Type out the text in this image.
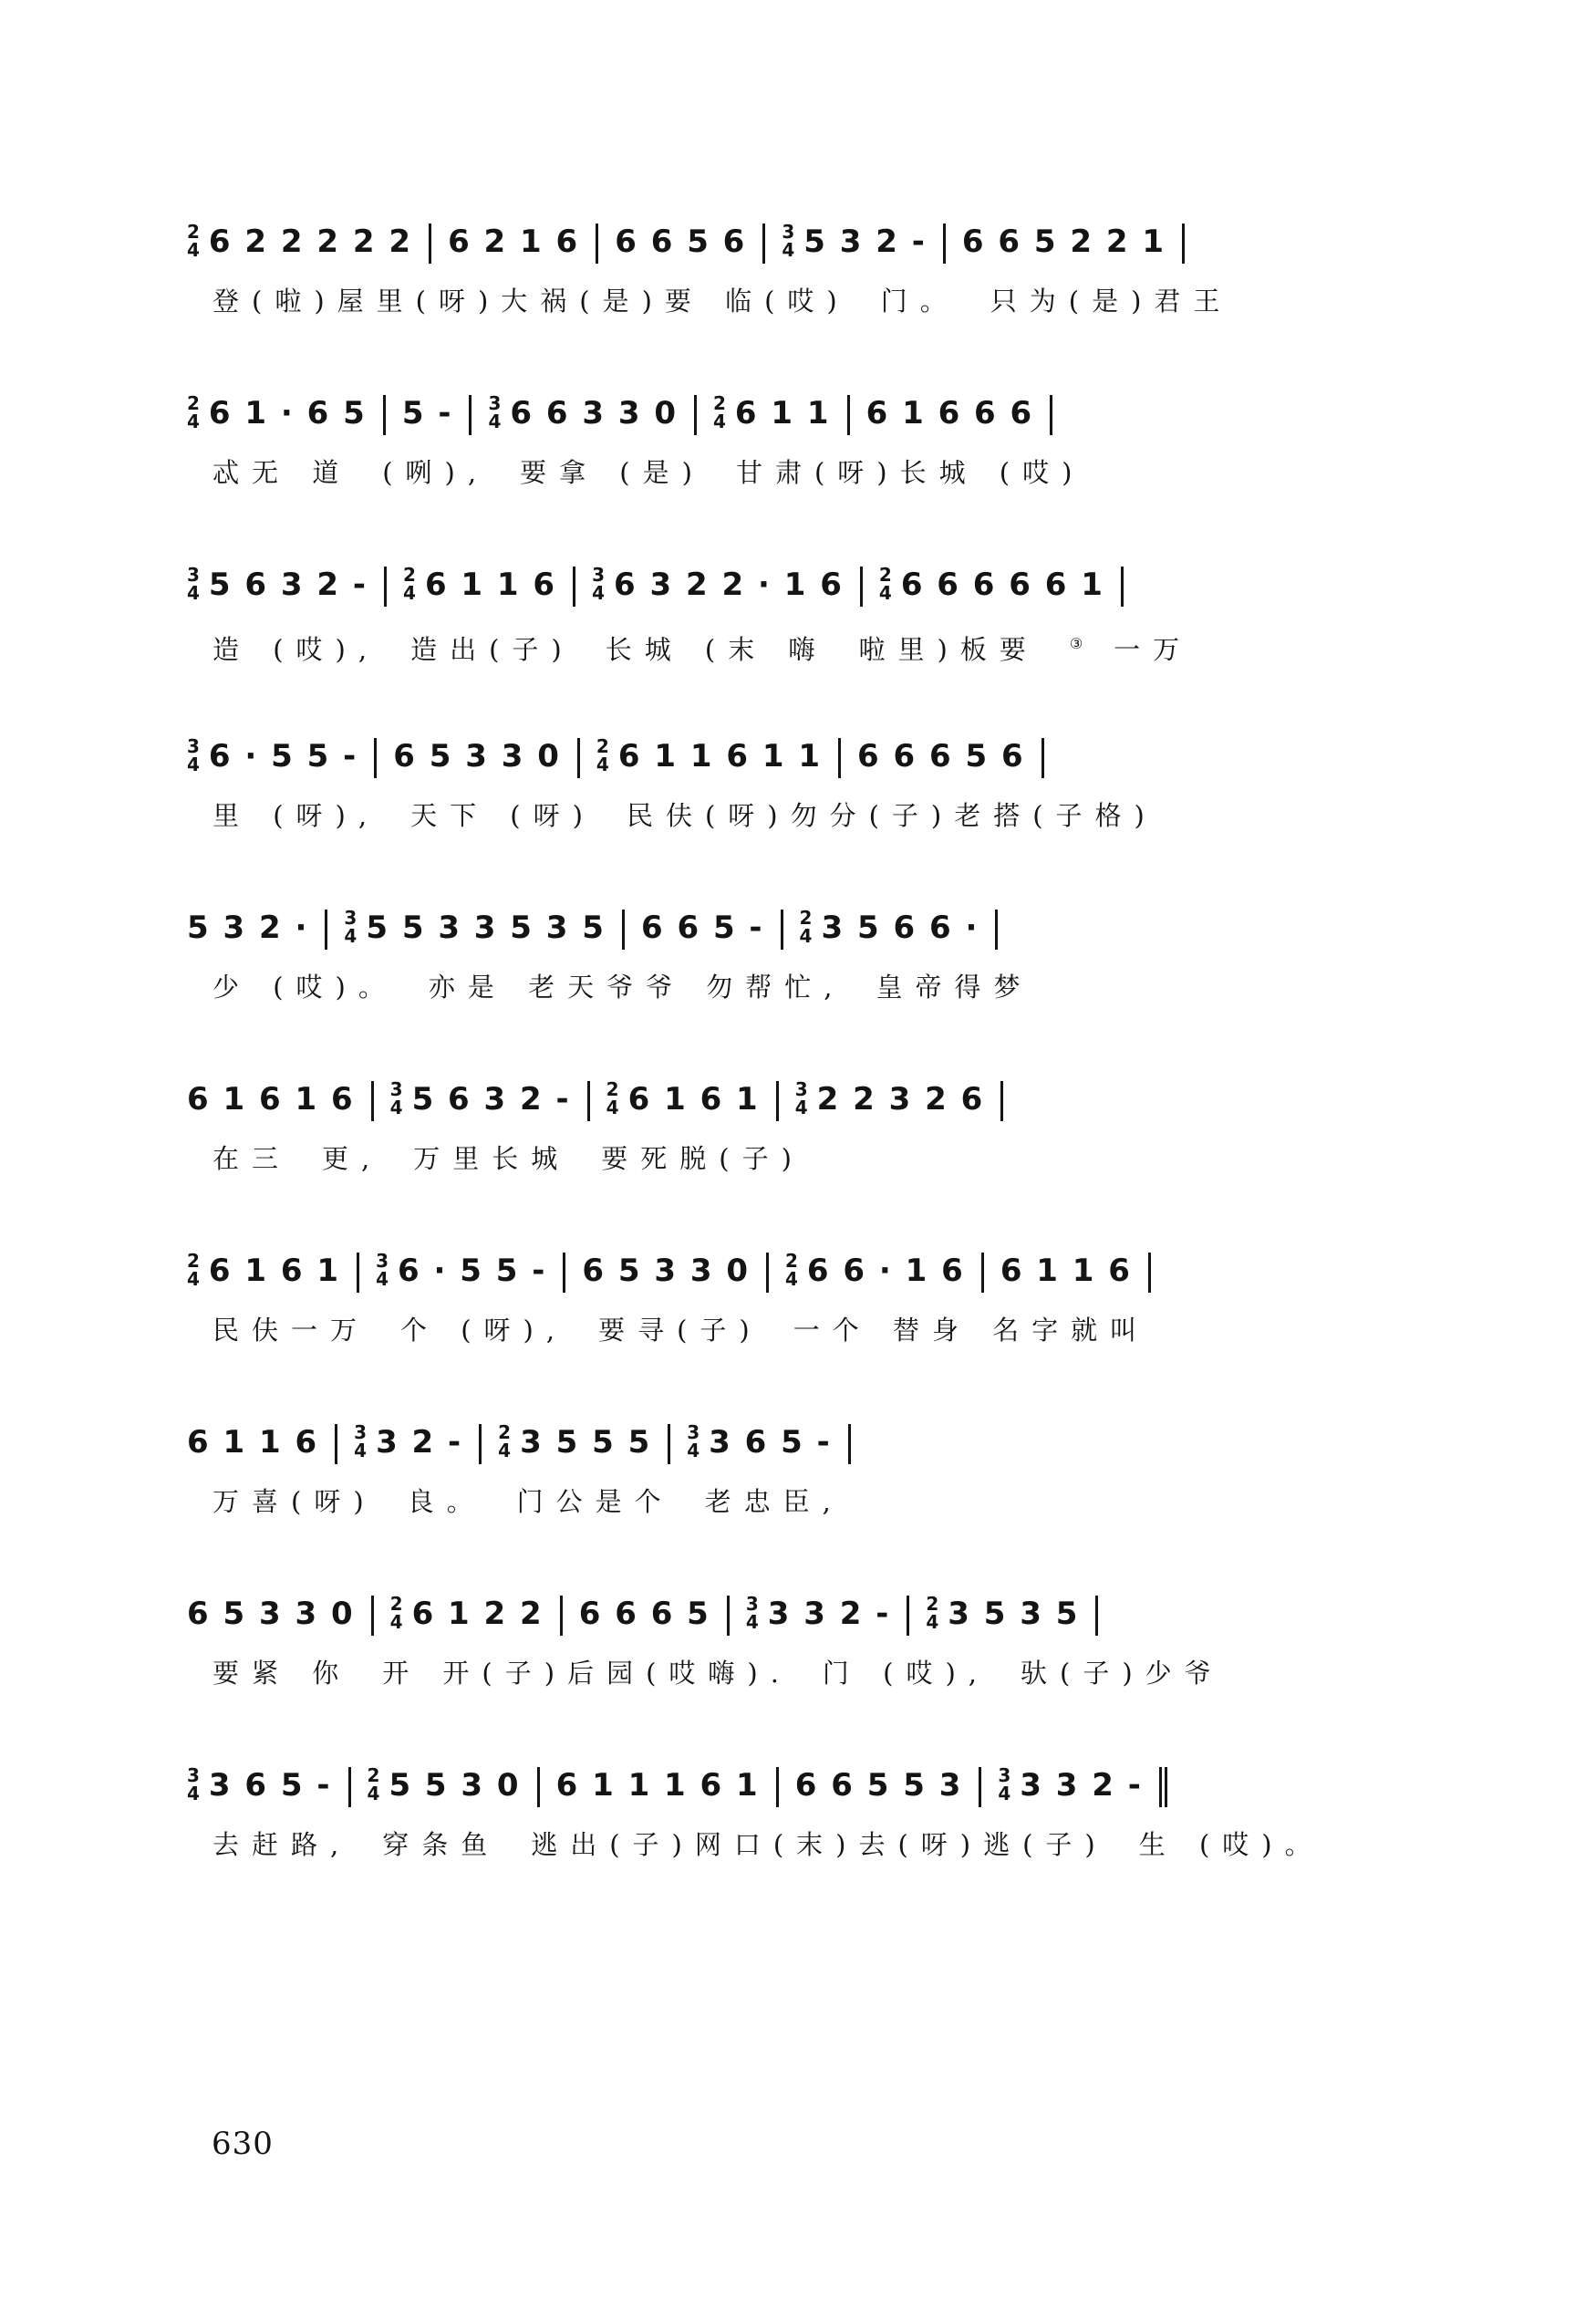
2
4 6 2 2 2 2 2 6 2 1 6 6 6 5 6 3
4 5 3 2 - 6 6 5 2 2 1
登(啦)屋里(呀)大祸(是)要 临(哎) 门。 只为(是)君王
2
4 6 1 · 6 5 5 - 3
4 6 6 3 3 0 2
4 6 1 1 6 1 6 6 6
忒无 道 (咧), 要拿 (是) 甘肃(呀)长城 (哎)
3
4 5 6 3 2 - 2
4 6 1 1 6 3
4 6 3 2 2 · 1 6 2
4 6 6 6 6 6 1
造 (哎), 造出(子) 长城 (末 嗨 啦里)板要 ③ 一万
3
4 6 · 5 5 - 6 5 3 3 0 2
4 6 1 1 6 1 1 6 6 6 5 6
里 (呀), 天下 (呀) 民伕(呀)勿分(子)老搭(子格)
5 3 2 · 3
4 5 5 3 3 5 3 5 6 6 5 - 2
4 3 5 6 6 ·
少 (哎)。 亦是 老天爷爷 勿帮忙, 皇帝得梦
6 1 6 1 6 3
4 5 6 3 2 - 2
4 6 1 6 1 3
4 2 2 3 2 6
在三 更, 万里长城 要死脱(子)
2
4 6 1 6 1 3
4 6 · 5 5 - 6 5 3 3 0 2
4 6 6 · 1 6 6 1 1 6
民伕一万 个 (呀), 要寻(子) 一个 替身 名字就叫
6 1 1 6 3
4 3 2 - 2
4 3 5 5 5 3
4 3 6 5 -
万喜(呀) 良。 门公是个 老忠臣,
6 5 3 3 0 2
4 6 1 2 2 6 6 6 5 3
4 3 3 2 - 2
4 3 5 3 5
要紧 你 开 开(子)后园(哎嗨). 门 (哎), 驮(子)少爷
3
4 3 6 5 - 2
4 5 5 3 0 6 1 1 1 6 1 6 6 5 5 3 3
4 3 3 2 -
去赶路, 穿条鱼 逃出(子)网口(末)去(呀)逃(子) 生 (哎)。
630
